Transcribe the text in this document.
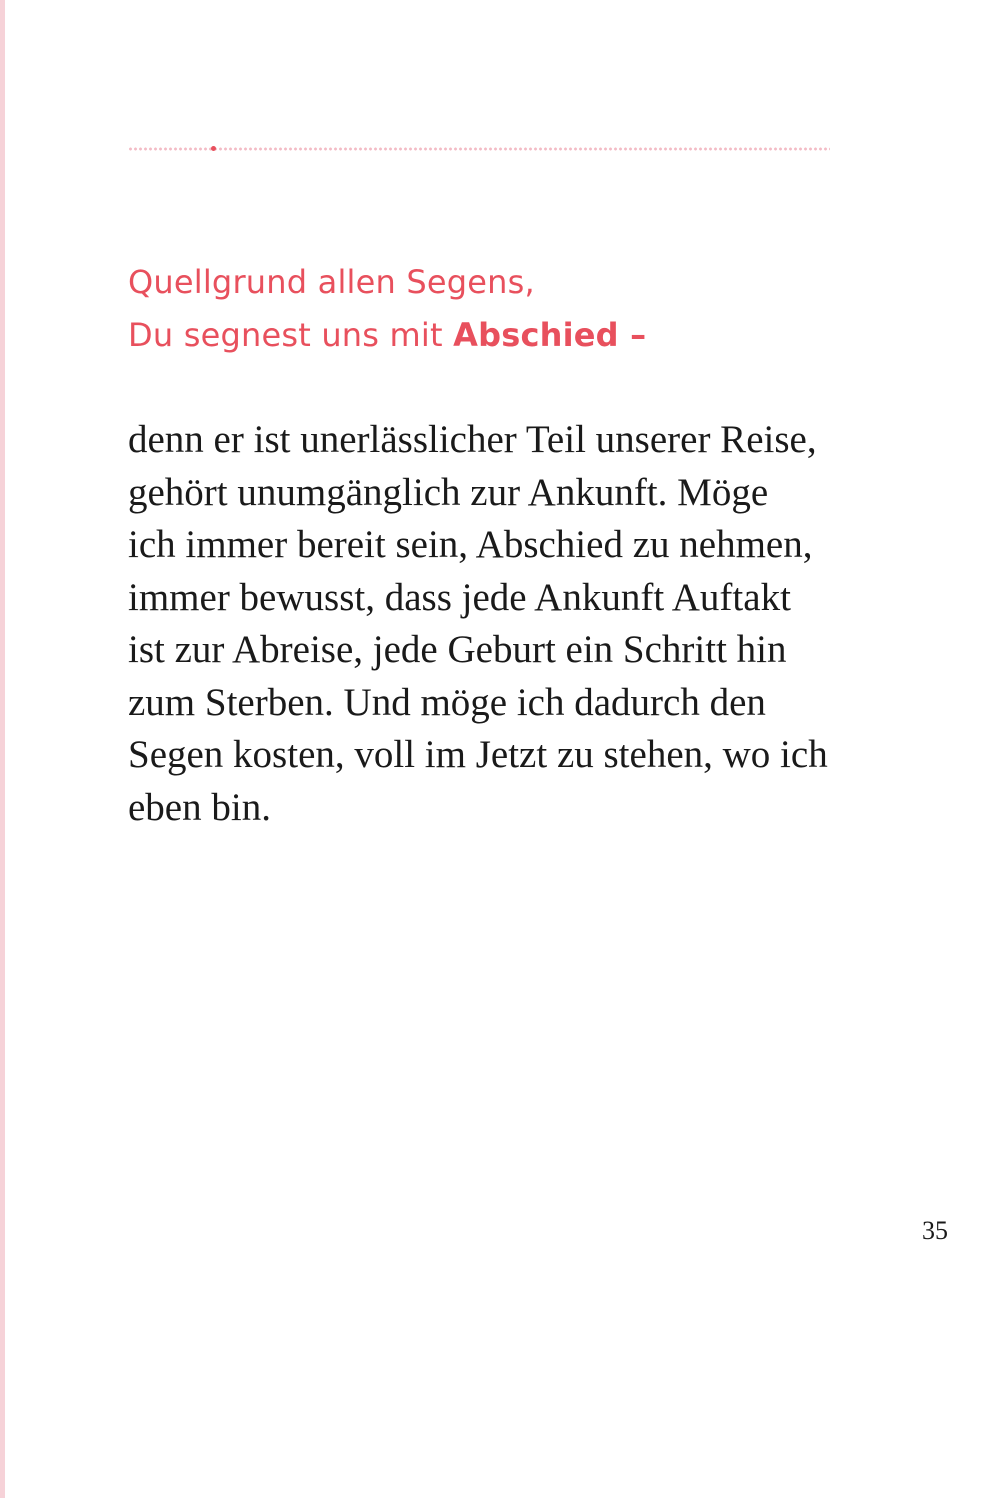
Quellgrund allen Segens,
Du segnest uns mit Abschied –
denn er ist unerlässlicher Teil unserer Reise,
gehört unumgänglich zur Ankunft. Möge
ich immer bereit sein, Abschied zu nehmen,
immer bewusst, dass jede Ankunft Auftakt
ist zur Abreise, jede Geburt ein Schritt hin
zum Sterben. Und möge ich dadurch den
Segen kosten, voll im Jetzt zu stehen, wo ich
eben bin.
35
